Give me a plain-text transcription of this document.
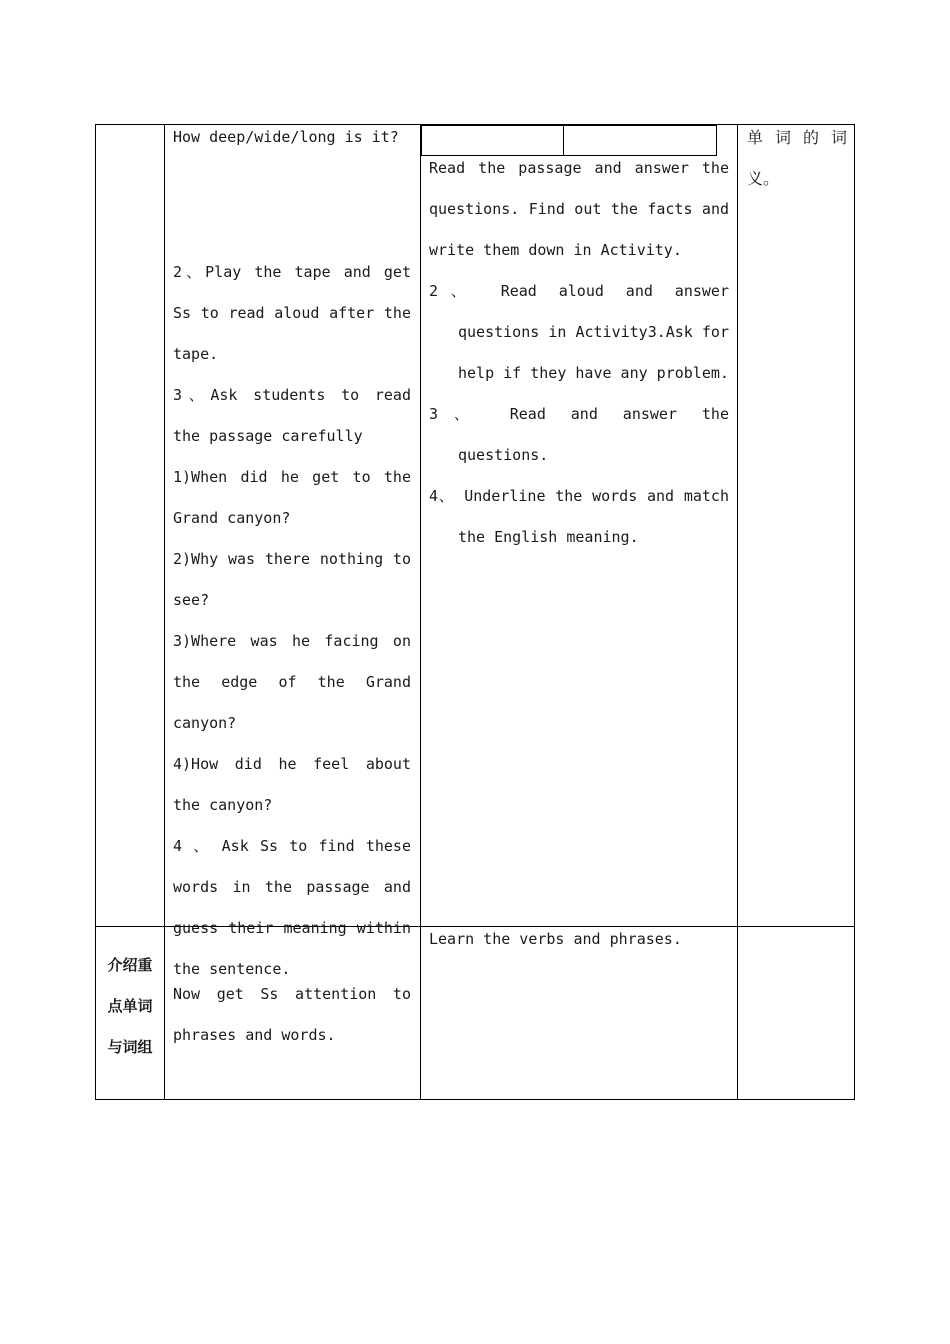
How deep/wide/long is it?

2、Play the tape and get Ss to read aloud after the tape.

3、Ask students to read the passage carefully

1)When did he get to the Grand canyon?

2)Why was there nothing to see?

3)Where was he facing on the edge of the Grand canyon?

4)How did he feel about the canyon?

4 、 Ask Ss to find these words in the passage and guess their meaning within the sentence.

Read the passage and answer the questions. Find out the facts and write them down in Activity.

2、 Read aloud and answer questions in Activity3.Ask for help if they have any problem.

3、 Read and answer the questions.

4、 Underline the words and match the English meaning.

单 词 的 词 义。

介绍重

点单词

与词组

Now get Ss attention to phrases and words.

Learn the verbs and phrases.
